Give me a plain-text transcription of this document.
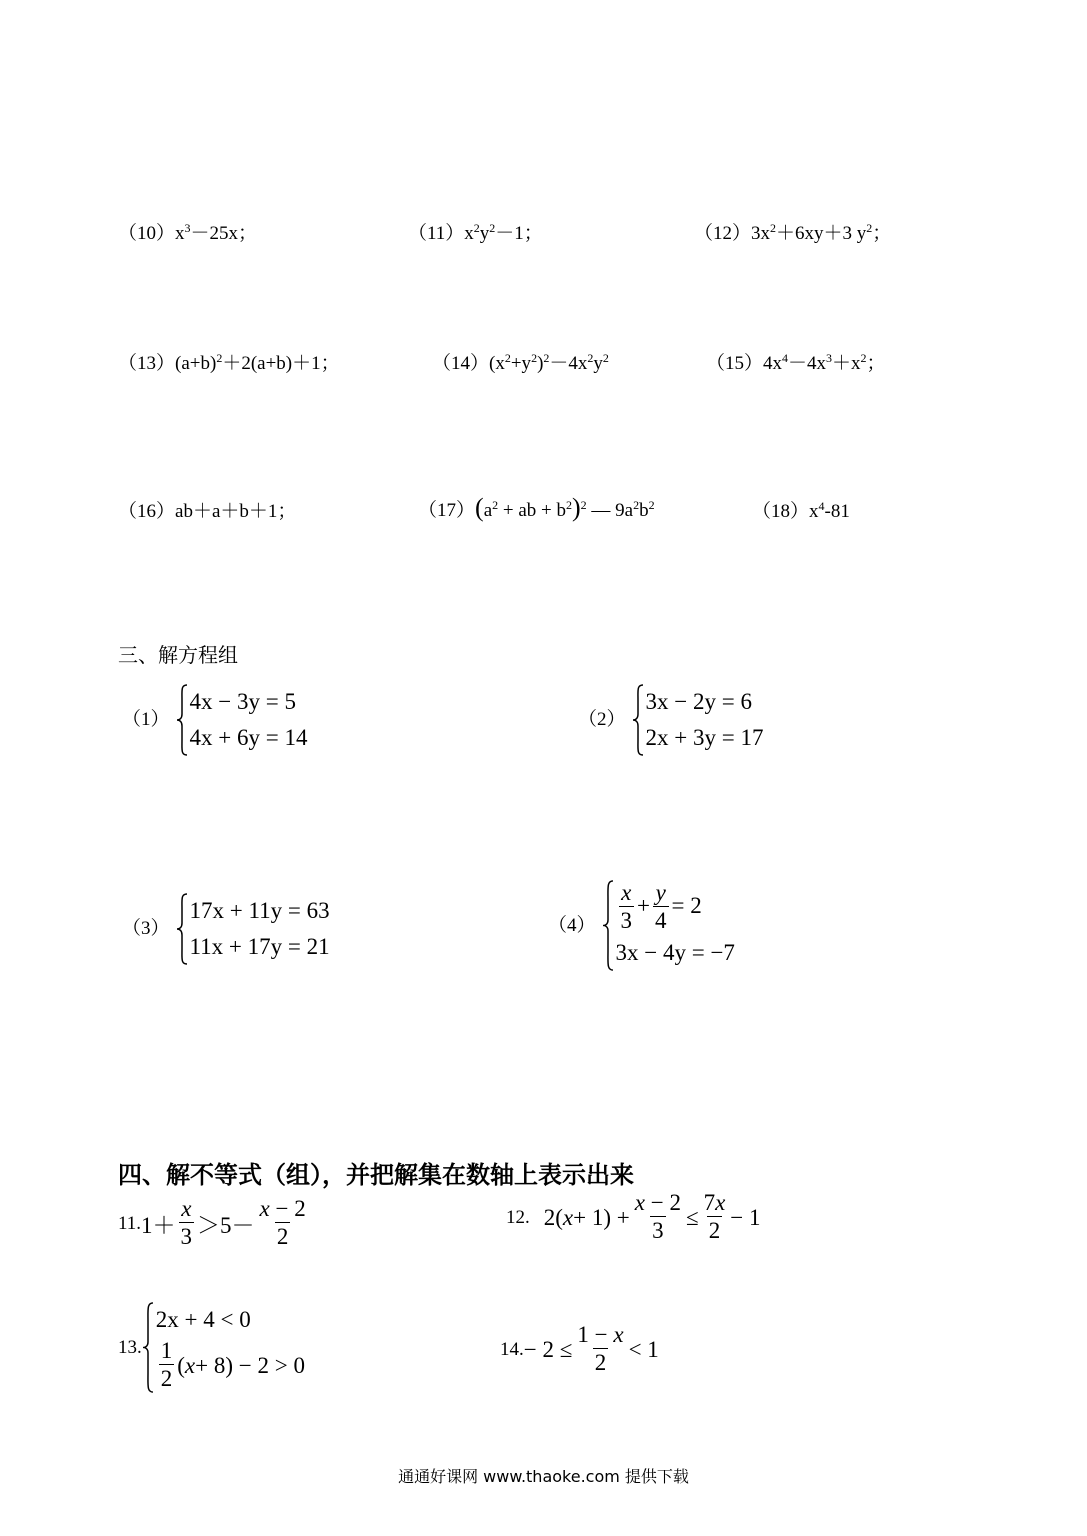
$(10)x^3-25x$；	$(11)x^2y^2-1$；	$(12)3x^2+6xy+3$ $y^2$；
$(13)(a+b)^2+2(a+b)+1$；	$(14)(x^2+y^2)^2-4x^2y^2$	$(15)4x^4-4x^3+x^2$；
（16）ab＋a＋b＋1；	$(17)(a^2$ + ab + $b^2)^2$ — $9a^2b^2$	$(18)x^4-81$
三、解方程组
（1）
4x − 3y = 5
4x + 6y = 14
（2）
3x − 2y = 6
2x + 3y = 17
（3）
17x + 11y = 63
11x + 17y = 21
$(4) \frac{x}{3} + \frac{y}{4} = 2$
3x − 4y = −7
四、解不等式（组），并把解集在数轴上表示出来
11. $1+ \frac{x}{3} >5- \frac{x - 2}{2}$	12. 2( $x + 1) + \frac{x - 2}{3} \le \frac{7x}{2} - 1$
13.
2x + 4 < 0
$\frac{1}{2}$ ( x + 8) − 2 > 0
14. − $2 \le \frac{1 - x}{2} < 1$
通通好课网 www.thaoke.com 提供下载
